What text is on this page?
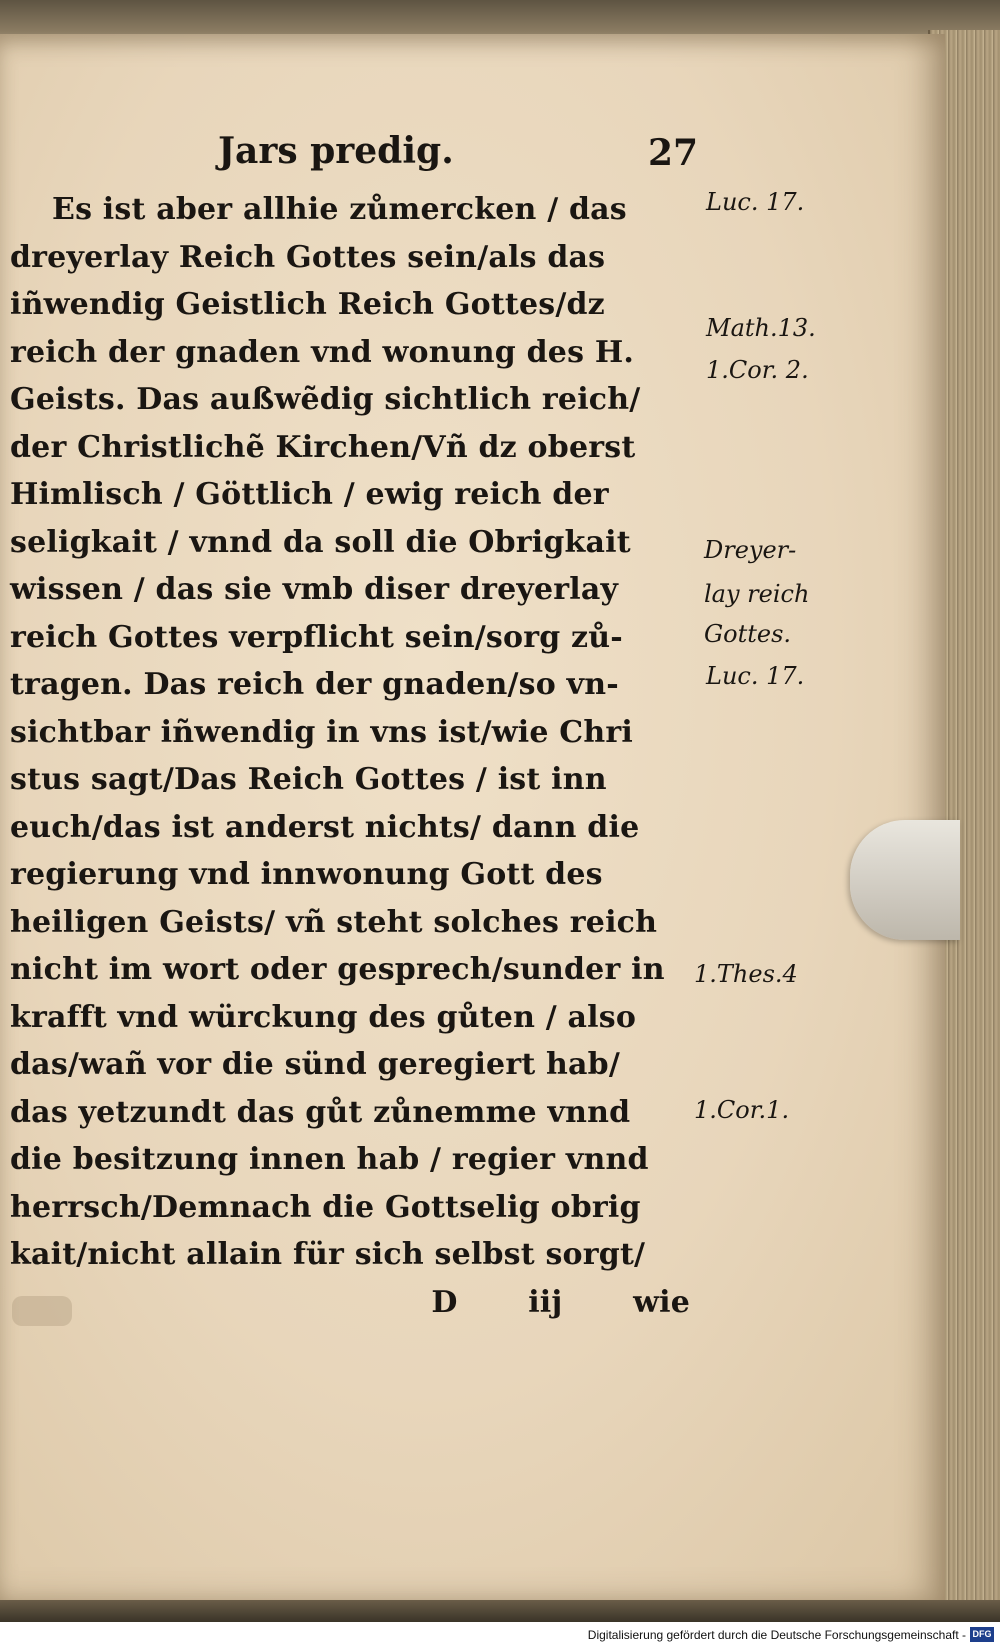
Jars predig.	27
Es ist aber allhie zůmercken / das
dreyerlay Reich Gottes sein/als das
iñwendig Geistlich Reich Gottes/dz
reich der gnaden vnd wonung des H.
Geists. Das außwẽdig sichtlich reich/
der Christlichẽ Kirchen/Vñ dz oberst
Himlisch / Göttlich / ewig reich der
seligkait / vnnd da soll die Obrigkait
wissen / das sie vmb diser dreyerlay
reich Gottes verpflicht sein/sorg zů-
tragen. Das reich der gnaden/so vn-
sichtbar iñwendig in vns ist/wie Chri
stus sagt/Das Reich Gottes / ist inn
euch/das ist anderst nichts/ dann die
regierung vnd innwonung Gott des
heiligen Geists/ vñ steht solches reich
nicht im wort oder gesprech/sunder in
krafft vnd würckung des gůten / also
das/wañ vor die sünd geregiert hab/
das yetzundt das gůt zůnemme vnnd
die besitzung innen hab / regier vnnd
herrsch/Demnach die Gottselig obrig
kait/nicht allain für sich selbst sorgt/
D iij wie
Luc. 17.
Math.13.
1.Cor. 2.
Dreyer-
lay reich
Gottes.
Luc. 17.
1.Thes.4
1.Cor.1.
Digitalisierung gefördert durch die Deutsche Forschungsgemeinschaft - DFG
